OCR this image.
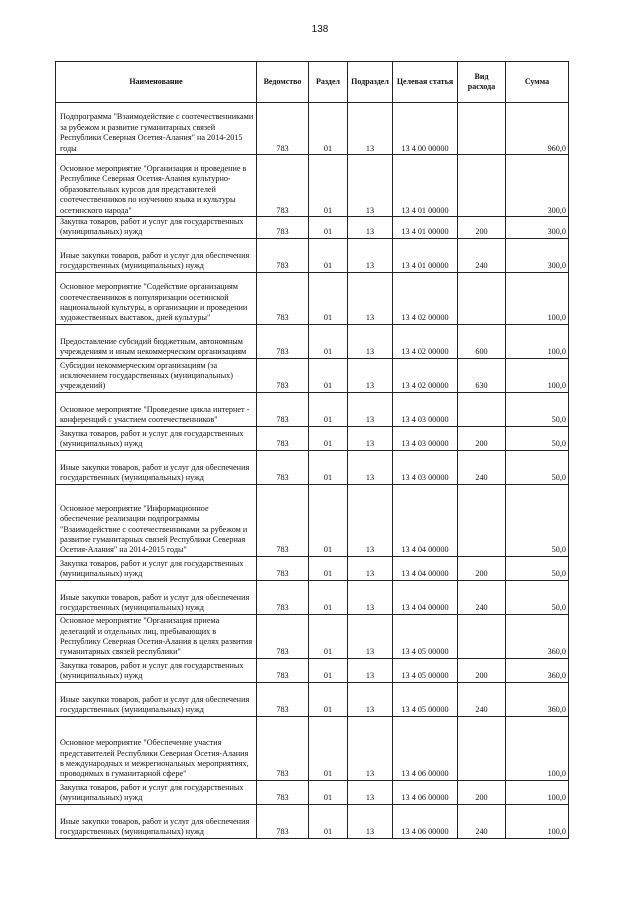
138
Наименование	Ведомство	Раздел	Подраздел	Целевая статья	Вид расхода	Сумма

Подпрограмма "Взаимодействие с соотечественниками за рубежом и развитие гуманитарных связей Республики Северная Осетия-Алания" на 2014-2015 годы	783	01	13	13 4 00 00000		960,0

Основное мероприятие "Организация и проведение в Республике Северная Осетия-Алания культурно-образовательных курсов для представителей соотечественников по изучению языка и культуры осетинского народа"	783	01	13	13 4 01 00000		300,0

Закупка товаров, работ и услуг для государственных (муниципальных) нужд	783	01	13	13 4 01 00000	200	300,0

Иные закупки товаров, работ и услуг для обеспечения государственных (муниципальных) нужд	783	01	13	13 4 01 00000	240	300,0

Основное мероприятие "Содействие организациям соотечественников в популяризации осетинской национальной культуры, в организации и проведении художественных выставок, дней культуры"	783	01	13	13 4 02 00000		100,0

Предоставление субсидий бюджетным, автономным учреждениям и иным некоммерческим организациям	783	01	13	13 4 02 00000	600	100,0

Субсидии некоммерческим организациям (за исключением государственных (муниципальных) учреждений)	783	01	13	13 4 02 00000	630	100,0

Основное мероприятие "Проведение цикла интернет - конференций с участием соотечественников"	783	01	13	13 4 03 00000		50,0

Закупка товаров, работ и услуг для государственных (муниципальных) нужд	783	01	13	13 4 03 00000	200	50,0

Иные закупки товаров, работ и услуг для обеспечения государственных (муниципальных) нужд	783	01	13	13 4 03 00000	240	50,0

Основное мероприятие "Информационное обеспечение реализации подпрограммы "Взаимодействие с соотечественниками за рубежом и развитие гуманитарных связей Республики Северная Осетия-Алания" на 2014-2015 годы"	783	01	13	13 4 04 00000		50,0

Закупка товаров, работ и услуг для государственных (муниципальных) нужд	783	01	13	13 4 04 00000	200	50,0

Иные закупки товаров, работ и услуг для обеспечения государственных (муниципальных) нужд	783	01	13	13 4 04 00000	240	50,0

Основное мероприятие "Организация приема делегаций и отдельных лиц, пребывающих в Республику Северная Осетия-Алания в целях развития гуманитарных связей республики"	783	01	13	13 4 05 00000		360,0

Закупка товаров, работ и услуг для государственных (муниципальных) нужд	783	01	13	13 4 05 00000	200	360,0

Иные закупки товаров, работ и услуг для обеспечения государственных (муниципальных) нужд	783	01	13	13 4 05 00000	240	360,0

Основное мероприятие "Обеспечение участия представителей Республики Северная Осетия-Алания в международных и межрегиональных мероприятиях, проводимых в гуманитарной сфере"	783	01	13	13 4 06 00000		100,0

Закупка товаров, работ и услуг для государственных (муниципальных) нужд	783	01	13	13 4 06 00000	200	100,0

Иные закупки товаров, работ и услуг для обеспечения государственных (муниципальных) нужд	783	01	13	13 4 06 00000	240	100,0
